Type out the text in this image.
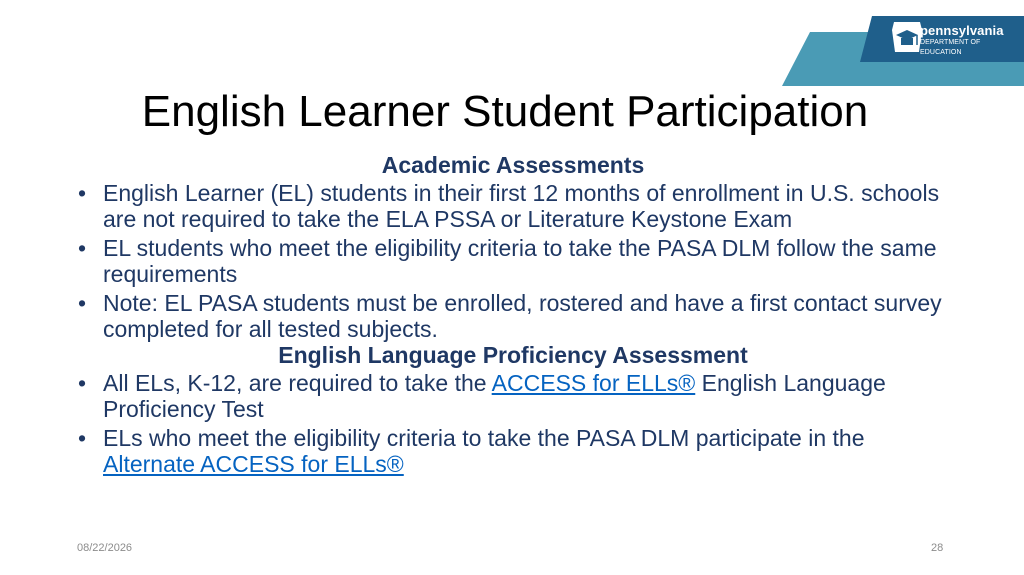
pennsylvania
DEPARTMENT OF EDUCATION
English Learner Student Participation
Academic Assessments
• English Learner (EL) students in their first 12 months of enrollment in U.S. schools are not required to take the ELA PSSA or Literature Keystone Exam
• EL students who meet the eligibility criteria to take the PASA DLM follow the same requirements
• Note: EL PASA students must be enrolled, rostered and have a first contact survey completed for all tested subjects.
English Language Proficiency Assessment
• All ELs, K-12, are required to take the ACCESS for ELLs® English Language Proficiency Test
• ELs who meet the eligibility criteria to take the PASA DLM participate in the Alternate ACCESS for ELLs®
08/22/2026	28
